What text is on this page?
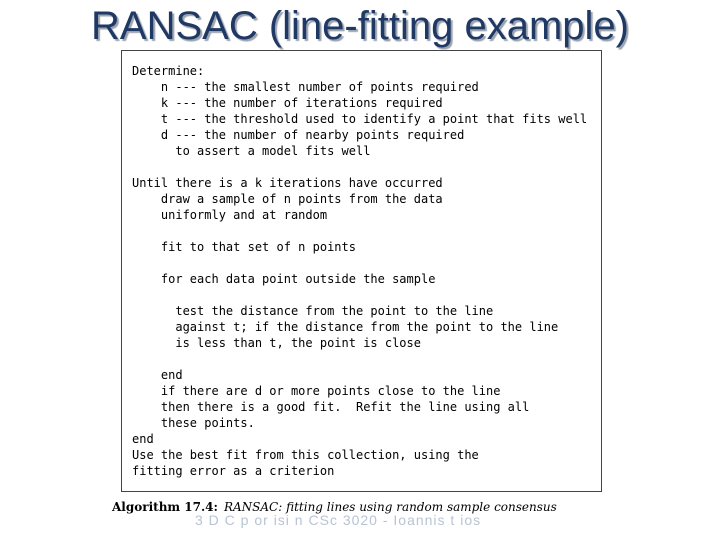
RANSAC (line-fitting example)
Determine:
n --- the smallest number of points required
k --- the number of iterations required
t --- the threshold used to identify a point that fits well
d --- the number of nearby points required
to assert a model fits well
Until there is a k iterations have occurred
draw a sample of n points from the data
uniformly and at random
fit to that set of n points
for each data point outside the sample
test the distance from the point to the line
against t; if the distance from the point to the line
is less than t, the point is close
end
if there are d or more points close to the line
then there is a good fit.  Refit the line using all
these points.
end
Use the best fit from this collection, using the
fitting error as a criterion
Algorithm 17.4: RANSAC: fitting lines using random sample consensus
3 D C p or isi n CSc 3020 - Ioannis t ios
